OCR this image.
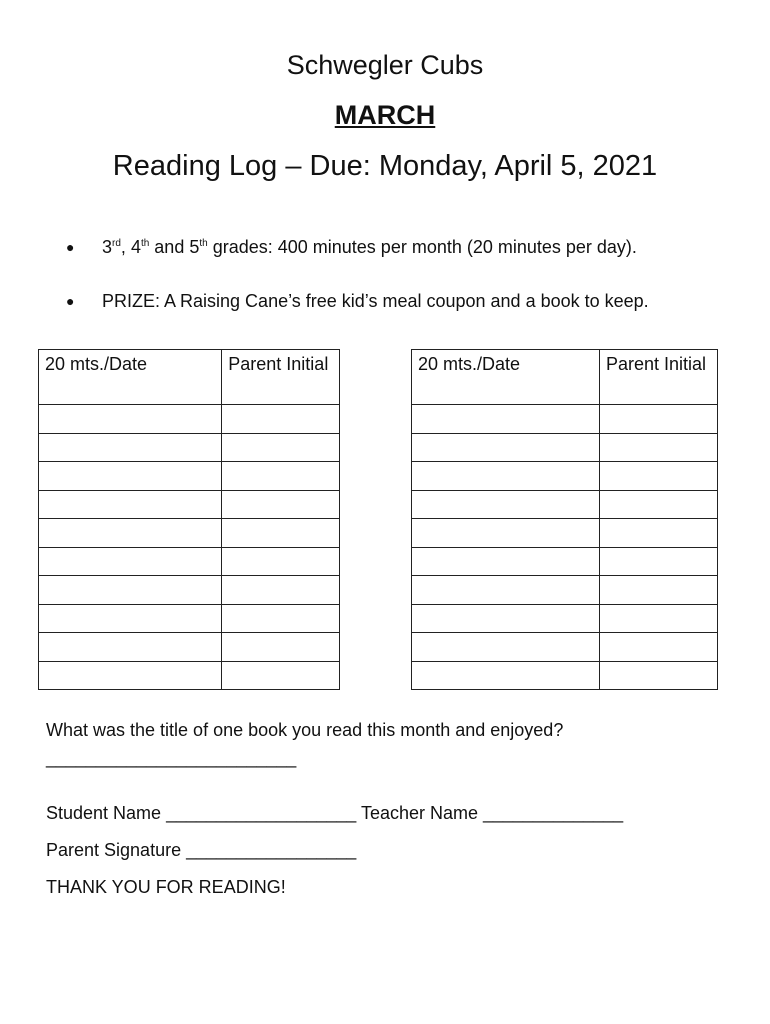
Schwegler Cubs
MARCH
Reading Log – Due: Monday, April 5, 2021
● 3rd, 4th and 5th grades: 400 minutes per month (20 minutes per day).
● PRIZE: A Raising Cane’s free kid’s meal coupon and a book to keep.
20 mts./Date	Parent Initial

		20 mts./Date	Parent Initial

What was the title of one book you read this month and enjoyed?_________________________
Student Name ___________________ Teacher Name ______________
Parent Signature _________________
THANK YOU FOR READING!
